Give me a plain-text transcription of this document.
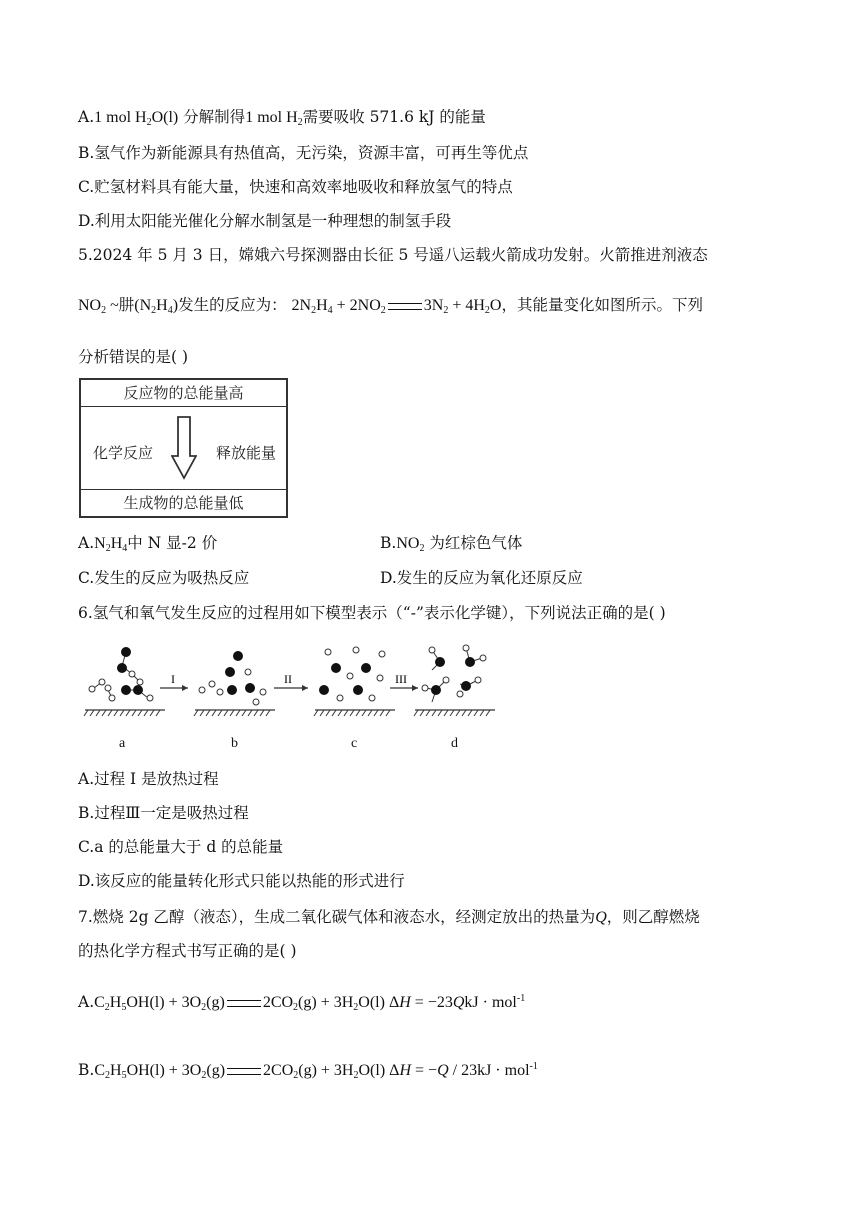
A.1 mol $H_2O(l)$ 分解制得1 mol $H_2$需要吸收 571.6 kJ 的能量
B.氢气作为新能源具有热值高，无污染，资源丰富，可再生等优点
C.贮氢材料具有能大量，快速和高效率地吸收和释放氢气的特点
D.利用太阳能光催化分解水制氢是一种理想的制氢手段
5.2024 年 5 月 3 日，嫦娥六号探测器由长征 5 号遥八运载火箭成功发射。火箭推进剂液态
$NO_2$ ~肼$(N_2H_4)$发生的反应为： $2N_2H_4 + 2NO_2$ $3N_2 + 4H_2O$，其能量变化如图所示。下列
分析错误的是( )
反应物的总能量高
化学反应	释放能量
生成物的总能量低
$A.N_2H_4$中 N 显-2 价	$B.NO_2$ 为红棕色气体
C.发生的反应为吸热反应	D.发生的反应为氧化还原反应
6.氢气和氧气发生反应的过程用如下模型表示（“-”表示化学键），下列说法正确的是( )
I	II	III
a	b	c	d
A.过程 I 是放热过程
B.过程Ⅲ一定是吸热过程
C.a 的总能量大于 d 的总能量
D.该反应的能量转化形式只能以热能的形式进行
7.燃烧 2g 乙醇（液态），生成二氧化碳气体和液态水，经测定放出的热量为Q，则乙醇燃烧
的热化学方程式书写正确的是( )
$A.C_2H_5OH(l) + 3O_2(g) 2CO_2(g) + 3H_2O(l) \Delta H = -23QkJ \cdot mol^{-1}$
$B.C_2H_5OH(l) + 3O_2(g) 2CO_2(g) + 3H_2O(l) \Delta H = -Q / 23kJ \cdot mol^{-1}$
